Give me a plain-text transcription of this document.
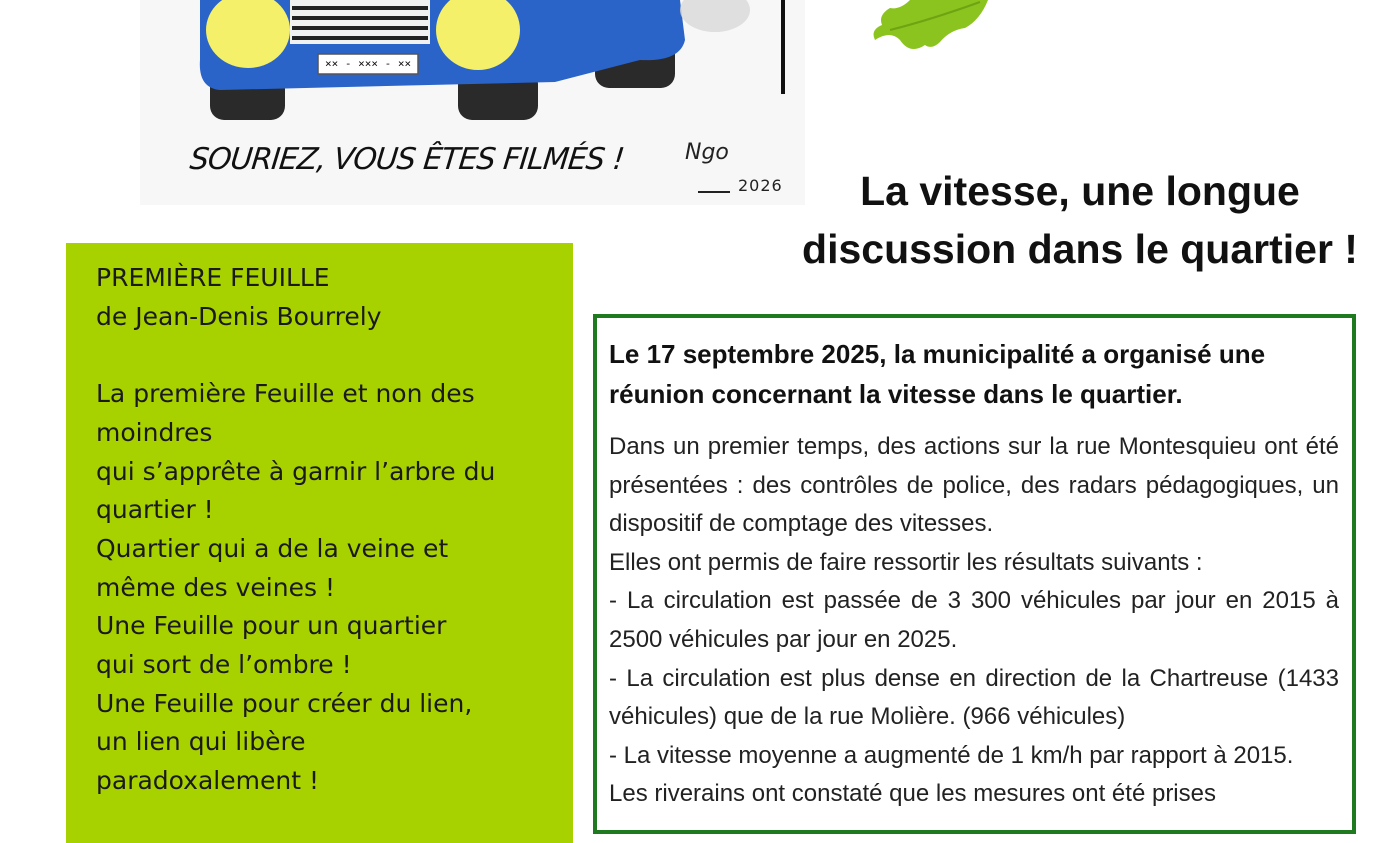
×× - ××× - ××
SOURIEZ, VOUS ÊTES FILMÉS !	Ngo
2026	La vitesse, une longue
discussion dans le quartier !
PREMIÈRE FEUILLE
de Jean-Denis Bourrely
La première Feuille et non des
moindres
qui s’apprête à garnir l’arbre du
quartier !
Quartier qui a de la veine et
même des veines !
Une Feuille pour un quartier
qui sort de l’ombre !
Une Feuille pour créer du lien,
un lien qui libère
paradoxalement !
Le 17 septembre 2025, la municipalité a organisé une réunion concernant la vitesse dans le quartier.

Dans un premier temps, des actions sur la rue Montesquieu ont été présentées : des contrôles de police, des radars pédagogiques, un dispositif de comptage des vitesses.

Elles ont permis de faire ressortir les résultats suivants :

- La circulation est passée de 3 300 véhicules par jour en 2015 à 2500 véhicules par jour en 2025.

- La circulation est plus dense en direction de la Chartreuse (1433 véhicules) que de la rue Molière. (966 véhicules)

- La vitesse moyenne a augmenté de 1 km/h par rapport à 2015.

Les riverains ont constaté que les mesures ont été prises
